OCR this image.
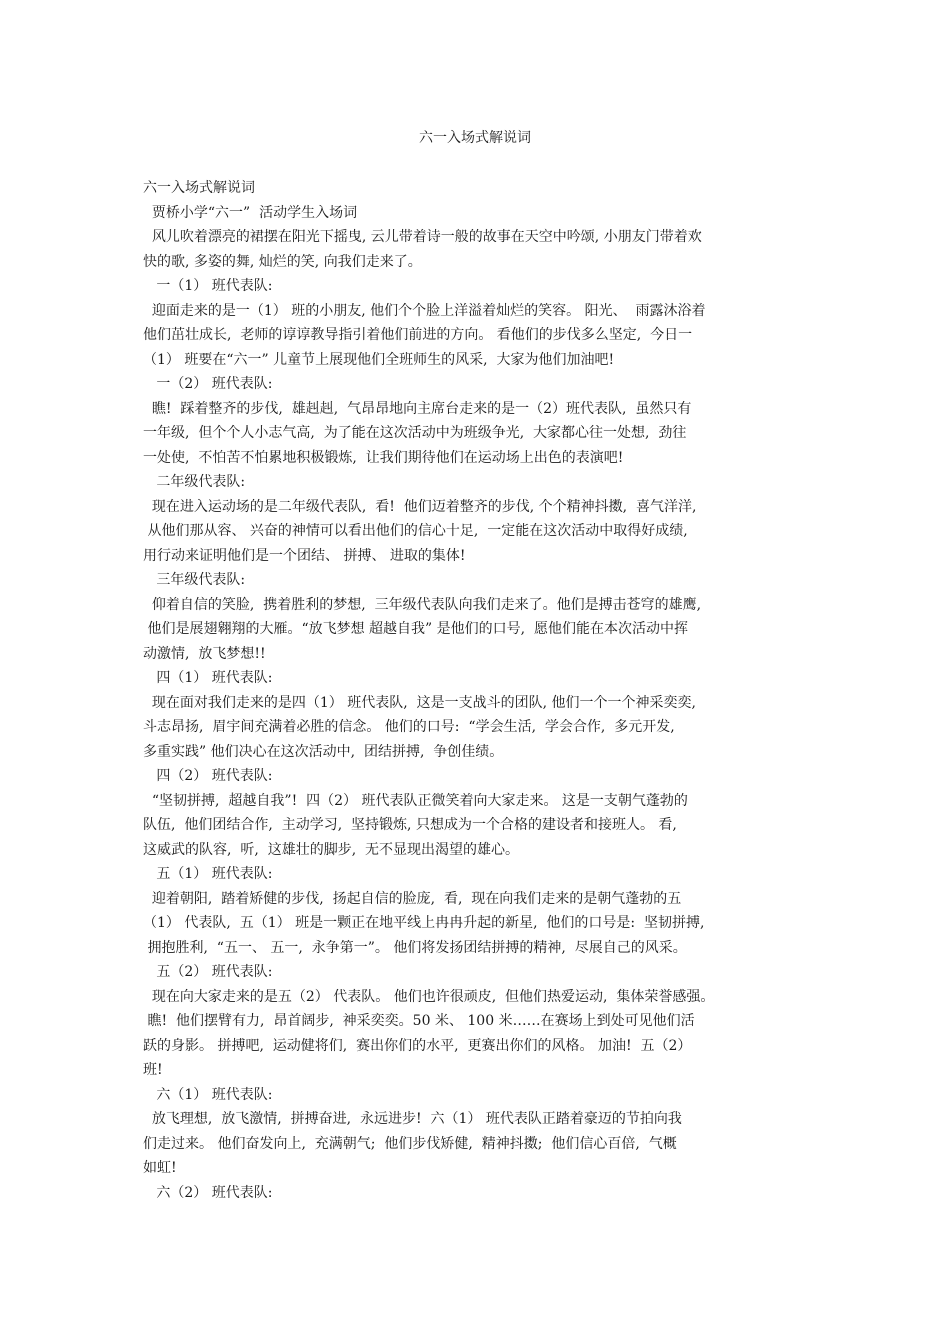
六一入场式解说词
六一入场式解说词
贾桥小学“六一”  活动学生入场词
风儿吹着漂亮的裙摆在阳光下摇曳, 云儿带着诗一般的故事在天空中吟颂, 小朋友门带着欢
快的歌, 多姿的舞, 灿烂的笑, 向我们走来了。
一（1） 班代表队:
迎面走来的是一（1） 班的小朋友, 他们个个脸上洋溢着灿烂的笑容。 阳光、  雨露沐浴着
他们茁壮成长,  老师的谆谆教导指引着他们前进的方向。 看他们的步伐多么坚定,  今日一
（1） 班要在“六一” 儿童节上展现他们全班师生的风采,  大家为他们加油吧!
一（2） 班代表队:
瞧!  踩着整齐的步伐,  雄赳赳,  气昂昂地向主席台走来的是一（2）班代表队,  虽然只有
一年级,  但个个人小志气高,  为了能在这次活动中为班级争光,  大家都心往一处想,  劲往
一处使,  不怕苦不怕累地积极锻炼,  让我们期待他们在运动场上出色的表演吧!
二年级代表队:
现在进入运动场的是二年级代表队,  看!  他们迈着整齐的步伐, 个个精神抖擞,  喜气洋洋,
从他们那从容、 兴奋的神情可以看出他们的信心十足,  一定能在这次活动中取得好成绩,
用行动来证明他们是一个团结、 拼搏、 进取的集体!
三年级代表队:
仰着自信的笑脸,  携着胜利的梦想,  三年级代表队向我们走来了。他们是搏击苍穹的雄鹰,
他们是展翅翱翔的大雁。“放飞梦想 超越自我” 是他们的口号,  愿他们能在本次活动中挥
动激情,  放飞梦想!!
四（1） 班代表队:
现在面对我们走来的是四（1） 班代表队,  这是一支战斗的团队, 他们一个一个神采奕奕,
斗志昂扬,  眉宇间充满着必胜的信念。 他们的口号:  “学会生活,  学会合作,  多元开发,
多重实践” 他们决心在这次活动中,  团结拼搏,  争创佳绩。
四（2） 班代表队:
“坚韧拼搏,  超越自我”!  四（2） 班代表队正微笑着向大家走来。 这是一支朝气蓬勃的
队伍,  他们团结合作,  主动学习,  坚持锻炼, 只想成为一个合格的建设者和接班人。 看,
这威武的队容,  听,  这雄壮的脚步,  无不显现出渴望的雄心。
五（1） 班代表队:
迎着朝阳,  踏着矫健的步伐,  扬起自信的脸庞,  看,  现在向我们走来的是朝气蓬勃的五
（1） 代表队,  五（1） 班是一颗正在地平线上冉冉升起的新星,  他们的口号是:  坚韧拼搏,
拥抱胜利,  “五一、 五一,  永争第一”。 他们将发扬团结拼搏的精神,  尽展自己的风采。
五（2） 班代表队:
现在向大家走来的是五（2） 代表队。 他们也许很顽皮,  但他们热爱运动,  集体荣誉感强。
瞧!  他们摆臂有力,  昂首阔步,  神采奕奕。50 米、 100 米……在赛场上到处可见他们活
跃的身影。 拼搏吧,  运动健将们,  赛出你们的水平,  更赛出你们的风格。 加油!  五（2）
班!
六（1） 班代表队:
放飞理想,  放飞激情,  拼搏奋进,  永远进步!  六（1） 班代表队正踏着豪迈的节拍向我
们走过来。 他们奋发向上,  充满朝气;  他们步伐矫健,  精神抖擞;  他们信心百倍,  气概
如虹!
六（2） 班代表队:
